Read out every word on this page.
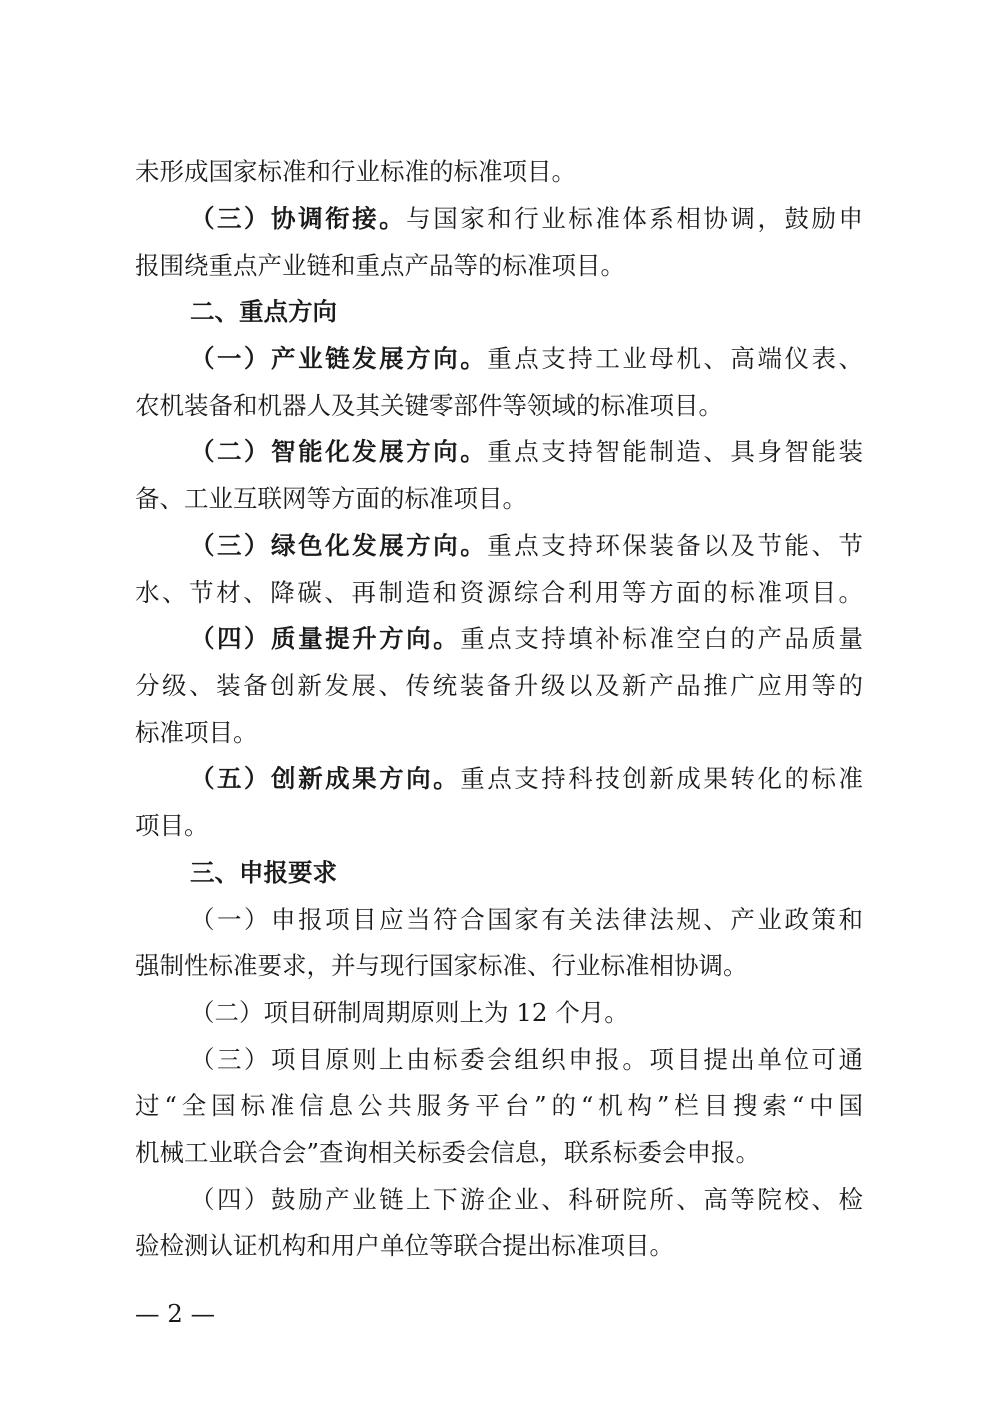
未形成国家标准和行业标准的标准项目。
（三）协调衔接。与国家和行业标准体系相协调，鼓励申
报围绕重点产业链和重点产品等的标准项目。
二、重点方向
（一）产业链发展方向。重点支持工业母机、高端仪表、
农机装备和机器人及其关键零部件等领域的标准项目。
（二）智能化发展方向。重点支持智能制造、具身智能装
备、工业互联网等方面的标准项目。
（三）绿色化发展方向。重点支持环保装备以及节能、节
水、节材、降碳、再制造和资源综合利用等方面的标准项目。
（四）质量提升方向。重点支持填补标准空白的产品质量
分级、装备创新发展、传统装备升级以及新产品推广应用等的
标准项目。
（五）创新成果方向。重点支持科技创新成果转化的标准
项目。
三、申报要求
（一）申报项目应当符合国家有关法律法规、产业政策和
强制性标准要求，并与现行国家标准、行业标准相协调。
（二）项目研制周期原则上为 12 个月。
（三）项目原则上由标委会组织申报。项目提出单位可通
过“全国标准信息公共服务平台”的“机构”栏目搜索“中国
机械工业联合会”查询相关标委会信息，联系标委会申报。
（四）鼓励产业链上下游企业、科研院所、高等院校、检
验检测认证机构和用户单位等联合提出标准项目。
— 2 —
